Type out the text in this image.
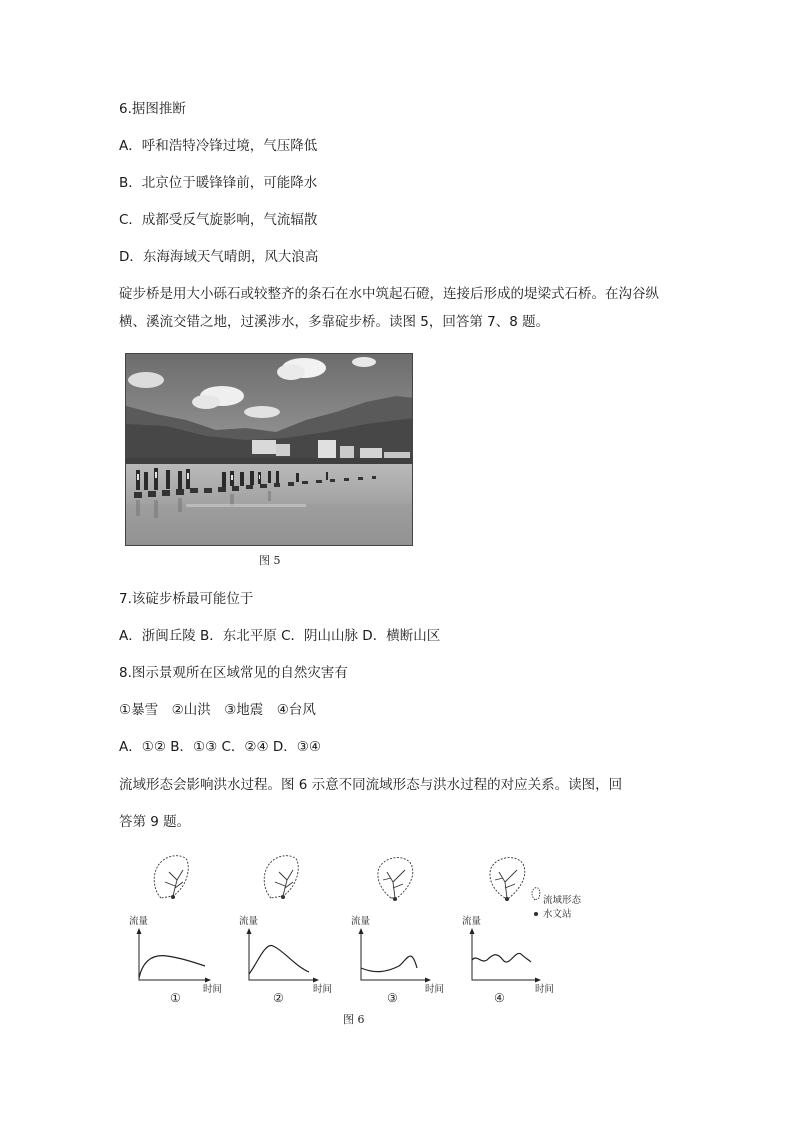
6.据图推断
A．呼和浩特冷锋过境，气压降低
B．北京位于暖锋锋前，可能降水
C．成都受反气旋影响，气流辐散
D．东海海域天气晴朗，风大浪高
碇步桥是用大小砾石或较整齐的条石在水中筑起石磴，连接后形成的堤梁式石桥。在沟谷纵
横、溪流交错之地，过溪涉水，多靠碇步桥。读图 5，回答第 7、8 题。
图 5
7.该碇步桥最可能位于
A．浙闽丘陵 B．东北平原 C．阴山山脉 D．横断山区
8.图示景观所在区域常见的自然灾害有
①暴雪　②山洪　③地震　④台风
A．①② B．①③ C．②④ D．③④
流域形态会影响洪水过程。图 6 示意不同流域形态与洪水过程的对应关系。读图，回
答第 9 题。
流域形态
水文站
流量	流量	流量	流量
时间	时间	时间	时间
①	②	③	④
图 6
